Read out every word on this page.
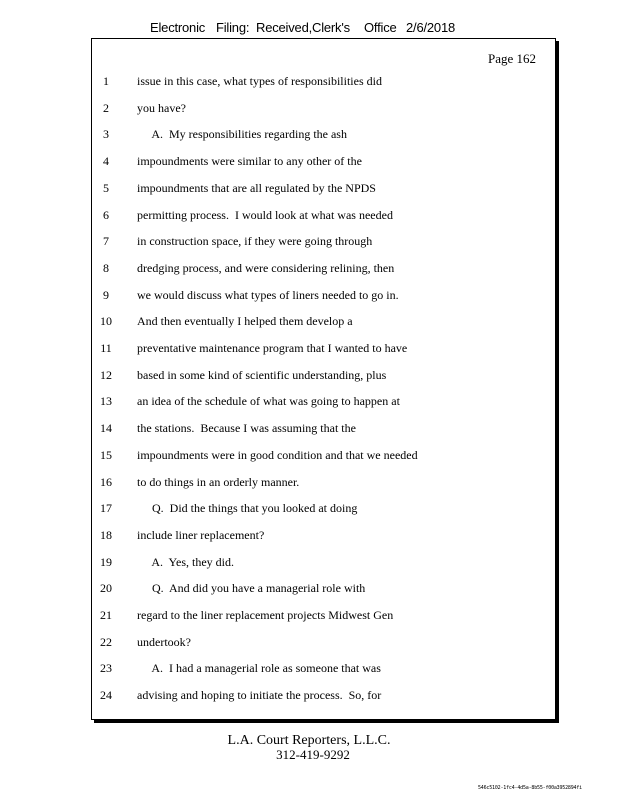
Electronic Filing: Received,Clerk's Office 2/6/2018
Page 162
1	issue in this case, what types of responsibilities did
2	you have?
3	A.  My responsibilities regarding the ash
4	impoundments were similar to any other of the
5	impoundments that are all regulated by the NPDS
6	permitting process.  I would look at what was needed
7	in construction space, if they were going through
8	dredging process, and were considering relining, then
9	we would discuss what types of liners needed to go in.
10	And then eventually I helped them develop a
11	preventative maintenance program that I wanted to have
12	based in some kind of scientific understanding, plus
13	an idea of the schedule of what was going to happen at
14	the stations.  Because I was assuming that the
15	impoundments were in good condition and that we needed
16	to do things in an orderly manner.
17	Q.  Did the things that you looked at doing
18	include liner replacement?
19	A.  Yes, they did.
20	Q.  And did you have a managerial role with
21	regard to the liner replacement projects Midwest Gen
22	undertook?
23	A.  I had a managerial role as someone that was
24	advising and hoping to initiate the process.  So, for
L.A. Court Reporters, L.L.C.
312-419-9292
546c5102-1fc4-4d5a-8b55-f00a3952894fi
